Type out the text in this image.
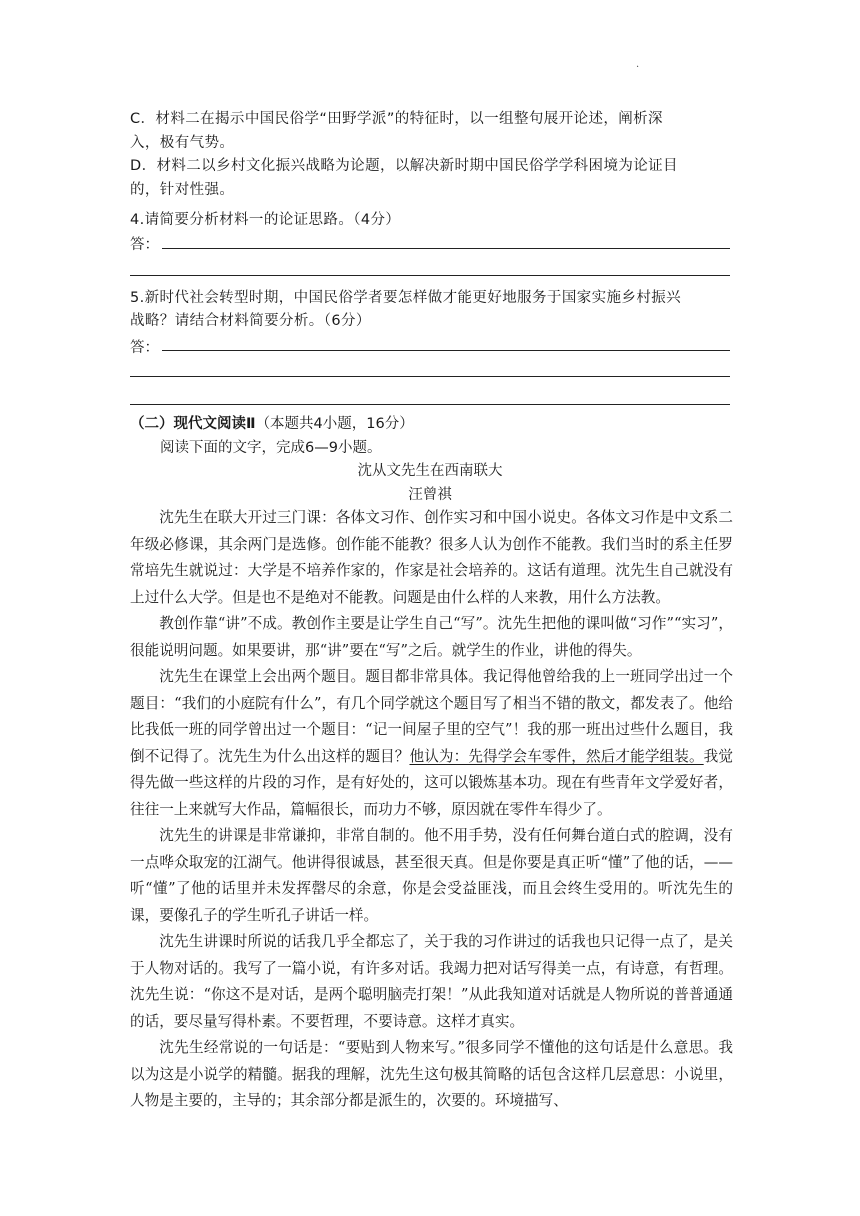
·
C．材料二在揭示中国民俗学“田野学派”的特征时，以一组整句展开论述，阐析深
入，极有气势。
D．材料二以乡村文化振兴战略为论题，以解决新时期中国民俗学学科困境为论证目
的，针对性强。
4.请简要分析材料一的论证思路。（4分）
答：
5.新时代社会转型时期，中国民俗学者要怎样做才能更好地服务于国家实施乡村振兴
战略？请结合材料简要分析。（6分）
答：
（二）现代文阅读Ⅱ（本题共4小题，16分）
阅读下面的文字，完成6—9小题。
沈从文先生在西南联大
汪曾祺

沈先生在联大开过三门课：各体文习作、创作实习和中国小说史。各体文习作是中文系二年级必修课，其余两门是选修。创作能不能教？很多人认为创作不能教。我们当时的系主任罗常培先生就说过：大学是不培养作家的，作家是社会培养的。这话有道理。沈先生自己就没有上过什么大学。但是也不是绝对不能教。问题是由什么样的人来教，用什么方法教。

教创作靠“讲”不成。教创作主要是让学生自己“写”。沈先生把他的课叫做“习作”“实习”，很能说明问题。如果要讲，那“讲”要在“写”之后。就学生的作业，讲他的得失。

沈先生在课堂上会出两个题目。题目都非常具体。我记得他曾给我的上一班同学出过一个题目：“我们的小庭院有什么”，有几个同学就这个题目写了相当不错的散文，都发表了。他给比我低一班的同学曾出过一个题目：“记一间屋子里的空气”！我的那一班出过些什么题目，我倒不记得了。沈先生为什么出这样的题目？他认为：先得学会车零件，然后才能学组装。我觉得先做一些这样的片段的习作，是有好处的，这可以锻炼基本功。现在有些青年文学爱好者，往往一上来就写大作品，篇幅很长，而功力不够，原因就在零件车得少了。

沈先生的讲课是非常谦抑，非常自制的。他不用手势，没有任何舞台道白式的腔调，没有一点哗众取宠的江湖气。他讲得很诚恳，甚至很天真。但是你要是真正听“懂”了他的话，——听“懂”了他的话里并未发挥罄尽的余意，你是会受益匪浅，而且会终生受用的。听沈先生的课，要像孔子的学生听孔子讲话一样。

沈先生讲课时所说的话我几乎全都忘了，关于我的习作讲过的话我也只记得一点了，是关于人物对话的。我写了一篇小说，有许多对话。我竭力把对话写得美一点，有诗意，有哲理。沈先生说：“你这不是对话，是两个聪明脑壳打架！”从此我知道对话就是人物所说的普普通通的话，要尽量写得朴素。不要哲理，不要诗意。这样才真实。

沈先生经常说的一句话是：“要贴到人物来写。”很多同学不懂他的这句话是什么意思。我以为这是小说学的精髓。据我的理解，沈先生这句极其简略的话包含这样几层意思：小说里，人物是主要的，主导的；其余部分都是派生的，次要的。环境描写、
